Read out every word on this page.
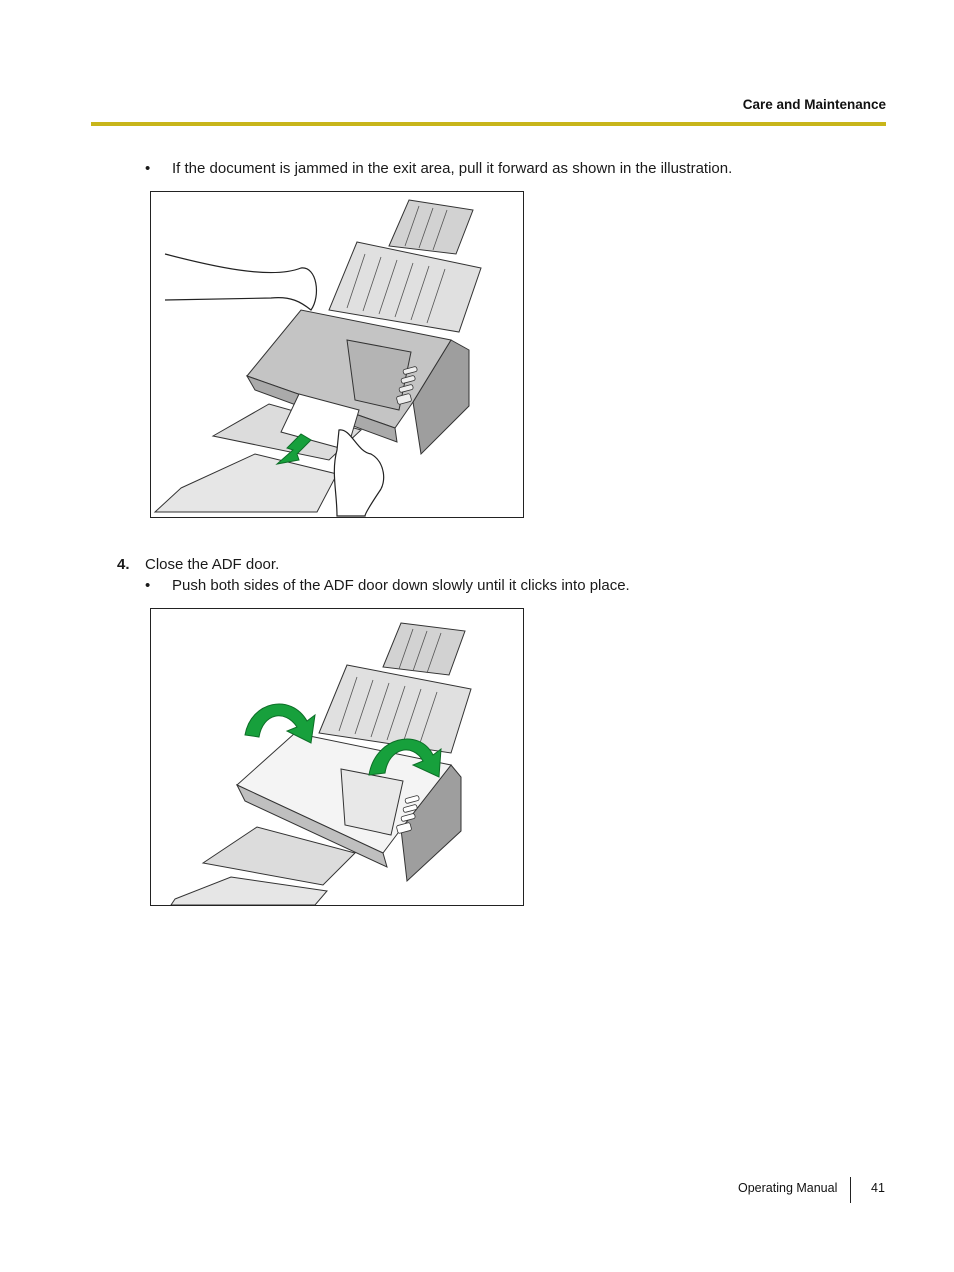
Care and Maintenance
•	If the document is jammed in the exit area, pull it forward as shown in the illustration.
4.	Close the ADF door.
•	Push both sides of the ADF door down slowly until it clicks into place.
Operating Manual	41
